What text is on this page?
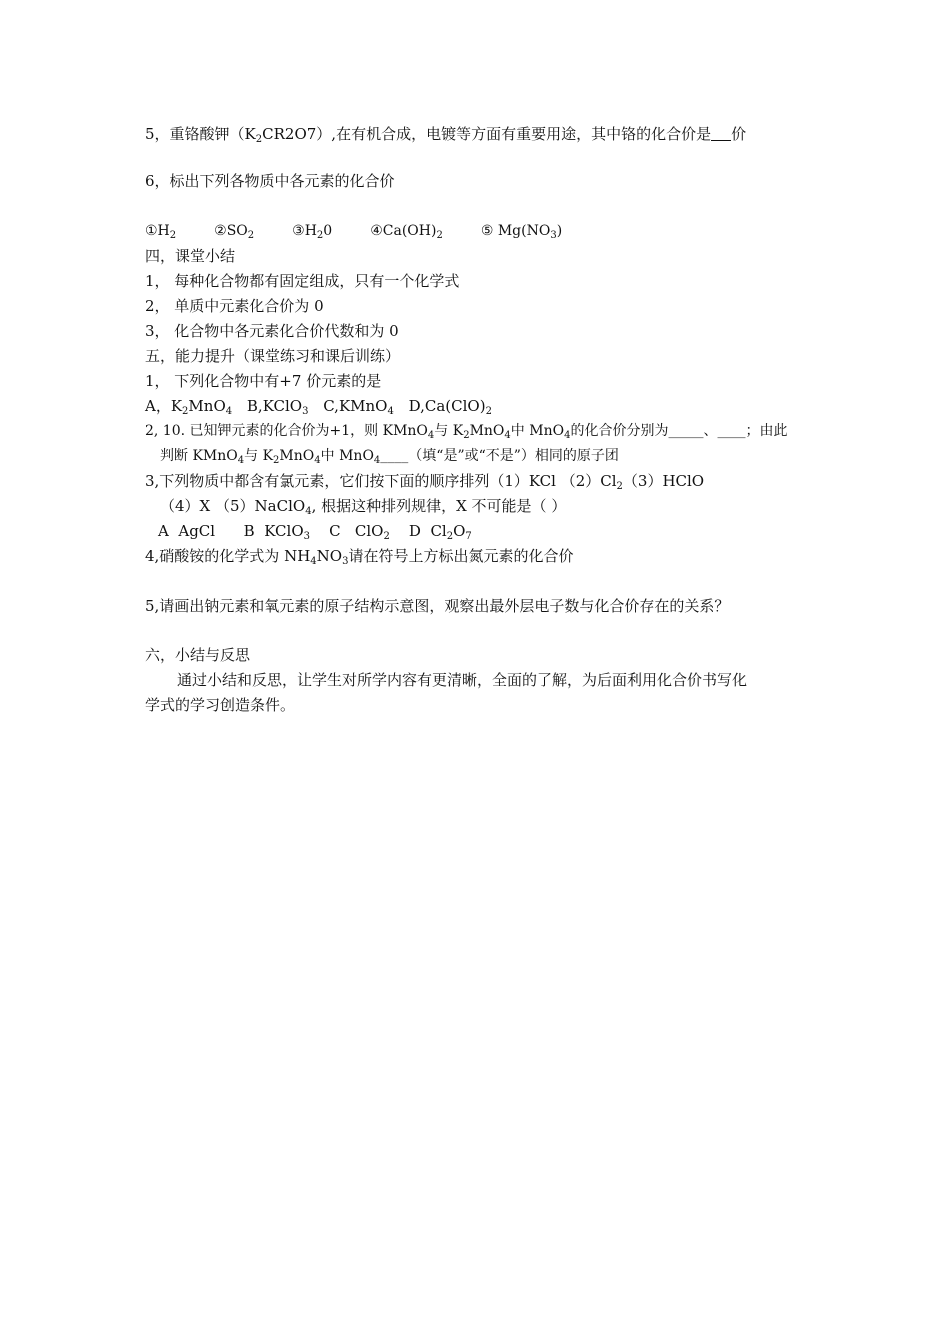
5，重铬酸钾$(K_2CR2O7)$,在有机合成，电镀等方面有重要用途，其中铬的化合价是 价
6，标出下列各物质中各元素的化合价
$①H_2$	$②SO_2$	$③H_20$	$④Ca(OH)_2$	⑤ $Mg(NO_3)$
四，课堂小结
1， 每种化合物都有固定组成，只有一个化学式
2， 单质中元素化合价为 0
3， 化合物中各元素化合价代数和为 0
五，能力提升（课堂练习和课后训练）
1， 下列化合物中有+7 价元素的是
A，$K_2MnO_4$ B,KClO$_3$ C,KMnO$_4$ $D,Ca(ClO)_2$
2, 10. 已知钾元素的化合价为+1，则 KMnO$_4$与 $K_2MnO_4$中 MnO$_4$的化合价分别为_____、____；由此
判断 KMnO$_4$与 $K_2MnO_4$中 MnO$_4$____（填“是”或“不是”）相同的原子团
3,下列物质中都含有氯元素，它们按下面的顺序排列（1）KCl $(2)Cl_2(3)HClO$
（4）X （5）NaClO$_4$, 根据这种排列规律，X 不可能是（ ）
A  AgCl      B  KClO$_3$    C   ClO$_2$    D  $Cl_2O_7$
4,硝酸铵的化学式为 $NH_4NO_3$请在符号上方标出氮元素的化合价
5,请画出钠元素和氧元素的原子结构示意图，观察出最外层电子数与化合价存在的关系？
六，小结与反思
通过小结和反思，让学生对所学内容有更清晰，全面的了解，为后面利用化合价书写化
学式的学习创造条件。
